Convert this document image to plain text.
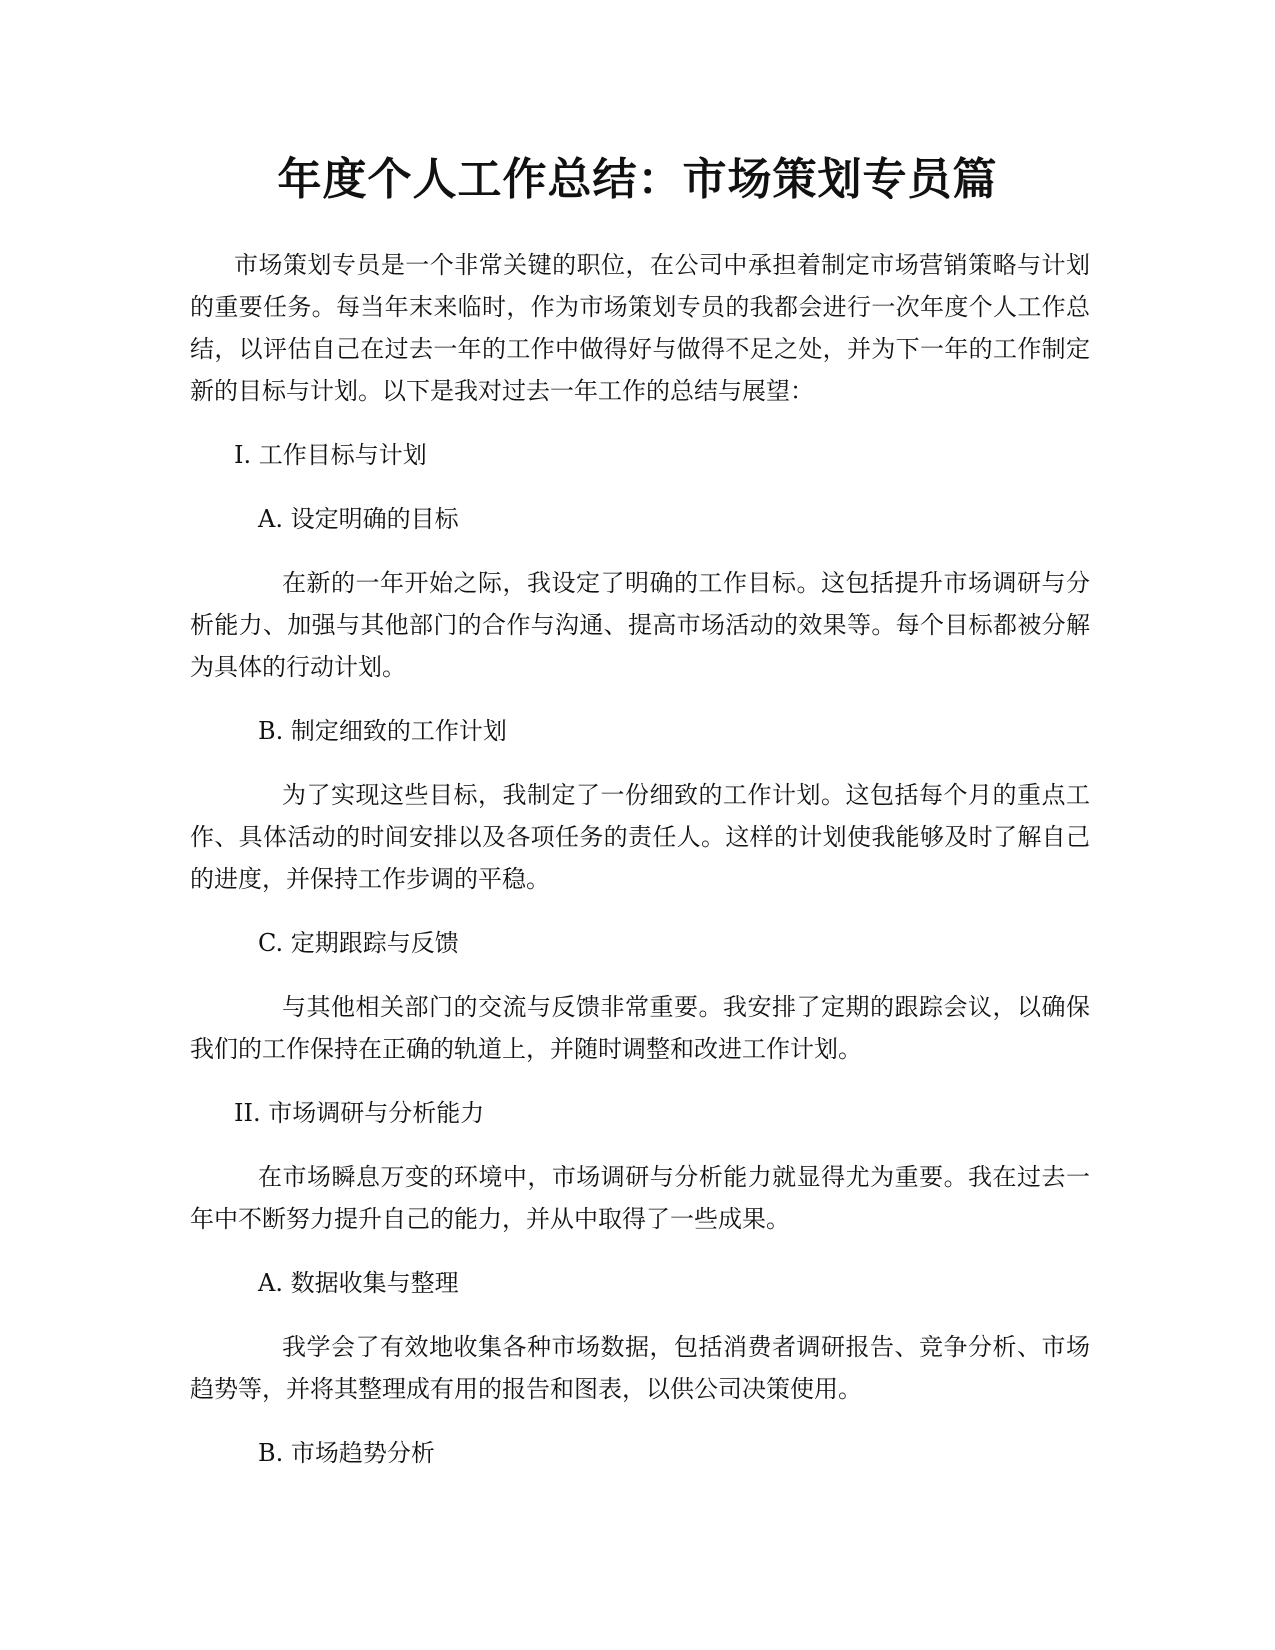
年度个人工作总结：市场策划专员篇

市场策划专员是一个非常关键的职位，在公司中承担着制定市场营销策略与计划的重要任务。每当年末来临时，作为市场策划专员的我都会进行一次年度个人工作总结，以评估自己在过去一年的工作中做得好与做得不足之处，并为下一年的工作制定新的目标与计划。以下是我对过去一年工作的总结与展望：

I. 工作目标与计划
A. 设定明确的目标

在新的一年开始之际，我设定了明确的工作目标。这包括提升市场调研与分析能力、加强与其他部门的合作与沟通、提高市场活动的效果等。每个目标都被分解为具体的行动计划。

B. 制定细致的工作计划

为了实现这些目标，我制定了一份细致的工作计划。这包括每个月的重点工作、具体活动的时间安排以及各项任务的责任人。这样的计划使我能够及时了解自己的进度，并保持工作步调的平稳。

C. 定期跟踪与反馈

与其他相关部门的交流与反馈非常重要。我安排了定期的跟踪会议，以确保我们的工作保持在正确的轨道上，并随时调整和改进工作计划。

II. 市场调研与分析能力

在市场瞬息万变的环境中，市场调研与分析能力就显得尤为重要。我在过去一年中不断努力提升自己的能力，并从中取得了一些成果。

A. 数据收集与整理

我学会了有效地收集各种市场数据，包括消费者调研报告、竞争分析、市场趋势等，并将其整理成有用的报告和图表，以供公司决策使用。

B. 市场趋势分析
